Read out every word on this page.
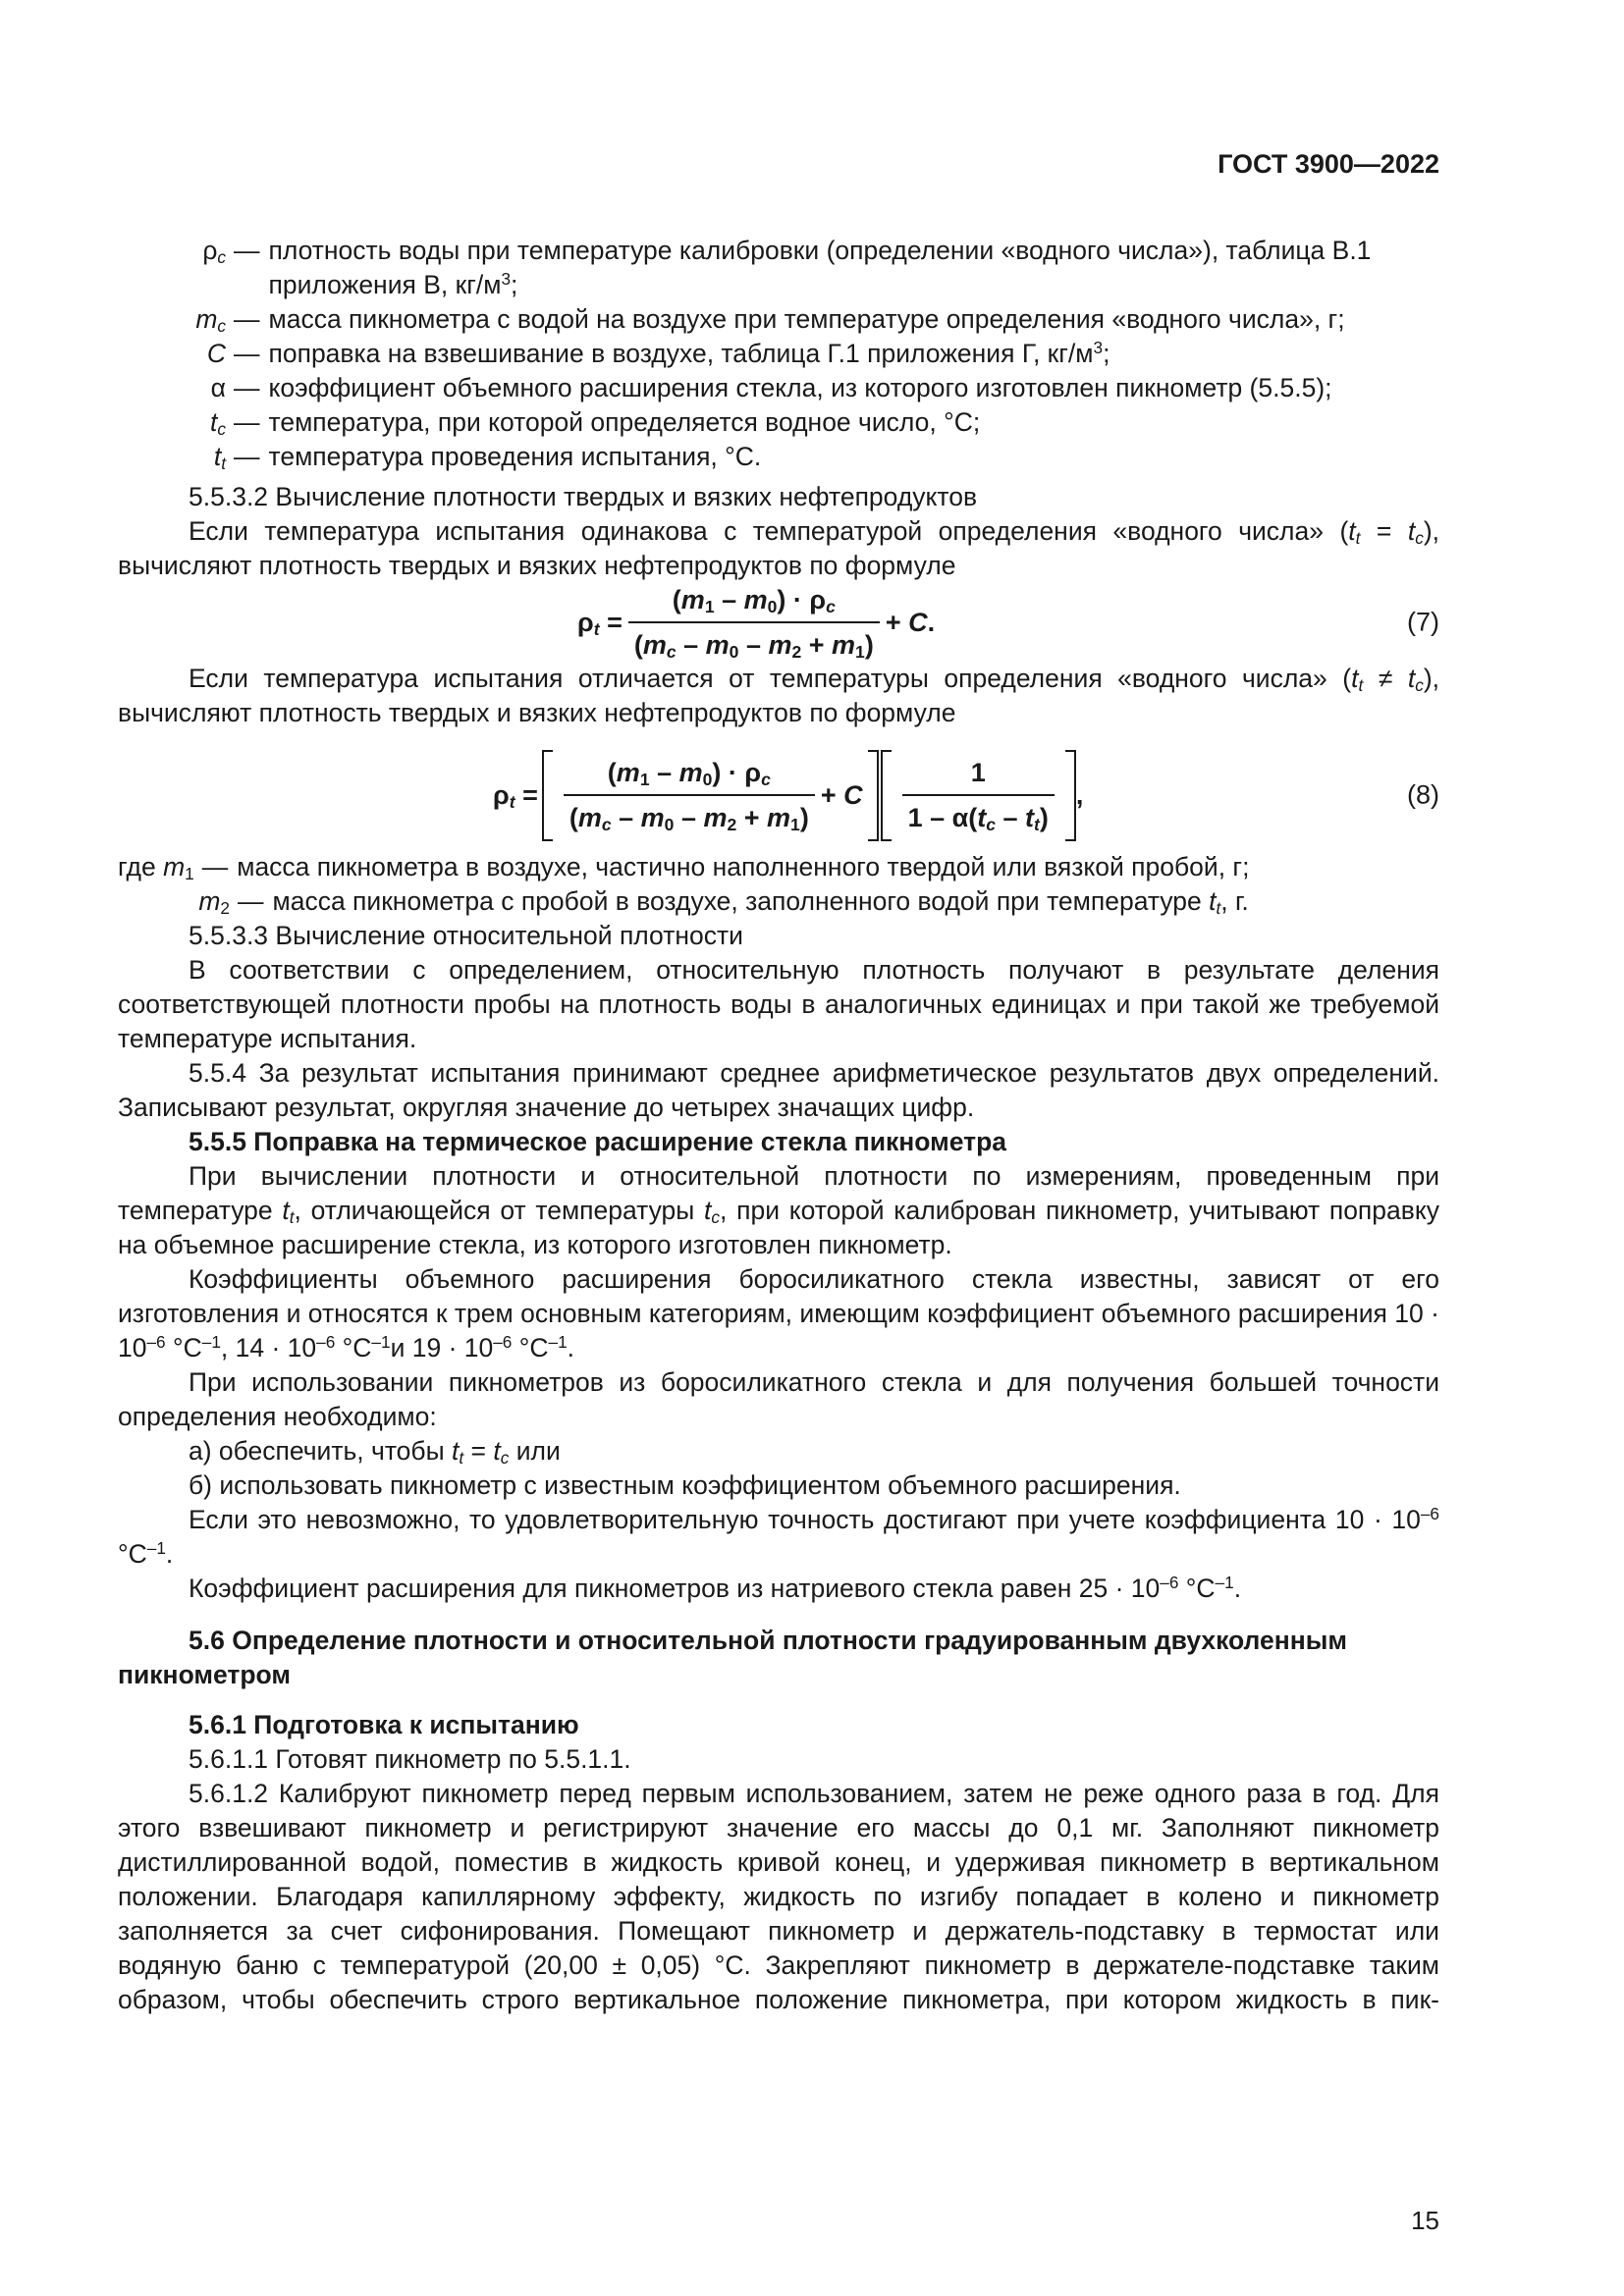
ГОСТ 3900—2022
$\rho_c$ — плотность воды при температуре калибровки (определении «водного числа»), таблица В.1 приложения В, $кг/м^3$;
$m_c$ — масса пикнометра с водой на воздухе при температуре определения «водного числа», г;
C — поправка на взвешивание в воздухе, таблица Г.1 приложения Г, $кг/м^3$;
α — коэффициент объемного расширения стекла, из которого изготовлен пикнометр (5.5.5);
$t_c$ — температура, при которой определяется водное число, °C;
$t_t$ — температура проведения испытания, °C.

5.5.3.2 Вычисление плотности твердых и вязких нефтепродуктов

Если температура испытания одинакова с температурой определения «водного числа» $(t_t = t_c)$, вычисляют плотность твердых и вязких нефтепродуктов по формуле

$\rho_t = \frac{(m_1 - m_0) \cdot \rho_c}{(m_c - m_0 - m_2 + m_1)} + C$.	(7)

Если температура испытания отличается от температуры определения «водного числа» $(t_t \ne t_c)$, вычисляют плотность твердых и вязких нефтепродуктов по формуле

$\rho_t = \frac{(m_1 - m_0) \cdot \rho_c}{(m_c - m_0 - m_2 + m_1)} + C \frac{1}{1 - \alpha(t_c - t_t)}$ ,	(8)
где $m_1$ — масса пикнометра в воздухе, частично наполненного твердой или вязкой пробой, г;
$m_2$ — масса пикнометра с пробой в воздухе, заполненного водой при температуре $t_t$, г.

5.5.3.3 Вычисление относительной плотности

В соответствии с определением, относительную плотность получают в результате деления соответствующей плотности пробы на плотность воды в аналогичных единицах и при такой же требуемой температуре испытания.

5.5.4 За результат испытания принимают среднее арифметическое результатов двух определений. Записывают результат, округляя значение до четырех значащих цифр.

5.5.5 Поправка на термическое расширение стекла пикнометра

При вычислении плотности и относительной плотности по измерениям, проведенным при температуре $t_t$, отличающейся от температуры $t_c$, при которой калиброван пикнометр, учитывают поправку на объемное расширение стекла, из которого изготовлен пикнометр.

Коэффициенты объемного расширения боросиликатного стекла известны, зависят от его изготовления и относятся к трем основным категориям, имеющим коэффициент объемного расширения $10 \cdot 10^{-6}$ $^\circ C^{-1}$, $14 \cdot 10^{-6}$ $^\circ C^{-1}и$ $19 \cdot 10^{-6}$ $^\circ C^{-1}$.

При использовании пикнометров из боросиликатного стекла и для получения большей точности определения необходимо:

а) обеспечить, чтобы $t_t = t_c$ или

б) использовать пикнометр с известным коэффициентом объемного расширения.

Если это невозможно, то удовлетворительную точность достигают при учете коэффициента $10 \cdot 10^{-6}$ $^\circ C^{-1}$.

Коэффициент расширения для пикнометров из натриевого стекла равен $25 \cdot 10^{-6}$ $^\circ C^{-1}$.

5.6 Определение плотности и относительной плотности градуированным двухколенным пикнометром

5.6.1 Подготовка к испытанию

5.6.1.1 Готовят пикнометр по 5.5.1.1.

5.6.1.2 Калибруют пикнометр перед первым использованием, затем не реже одного раза в год. Для этого взвешивают пикнометр и регистрируют значение его массы до 0,1 мг. Заполняют пикнометр дистиллированной водой, поместив в жидкость кривой конец, и удерживая пикнометр в вертикальном положении. Благодаря капиллярному эффекту, жидкость по изгибу попадает в колено и пикнометр заполняется за счет сифонирования. Помещают пикнометр и держатель-подставку в термостат или водяную баню с температурой (20,00 ± 0,05) °C. Закрепляют пикнометр в держателе-подставке таким образом, чтобы обеспечить строго вертикальное положение пикнометра, при котором жидкость в пик-

15
